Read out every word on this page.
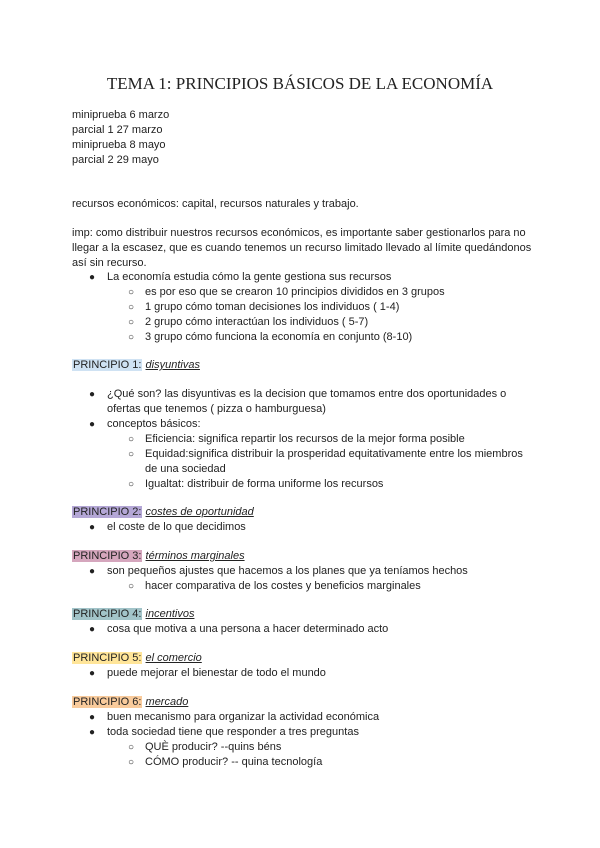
TEMA 1: PRINCIPIOS BÁSICOS DE LA ECONOMÍA
miniprueba 6 marzo
parcial 1 27 marzo
miniprueba 8 mayo
parcial 2 29 mayo
recursos económicos: capital, recursos naturales y trabajo.
imp: como distribuir nuestros recursos económicos, es importante saber gestionarlos para no llegar a la escasez, que es cuando tenemos un recurso limitado llevado al límite quedándonos así sin recurso.
● La economía estudia cómo la gente gestiona sus recursos
○ es por eso que se crearon 10 principios divididos en 3 grupos
○ 1 grupo cómo toman decisiones los individuos ( 1-4)
○ 2 grupo cómo interactúan los individuos ( 5-7)
○ 3 grupo cómo funciona la economía en conjunto (8-10)
PRINCIPIO 1: disyuntivas
● ¿Qué son? las disyuntivas es la decision que tomamos entre dos oportunidades o ofertas que tenemos ( pizza o hamburguesa)
● conceptos básicos:
○ Eficiencia: significa repartir los recursos de la mejor forma posible
○ Equidad:significa distribuir la prosperidad equitativamente entre los miembros de una sociedad
○ Igualtat: distribuir de forma uniforme los recursos
PRINCIPIO 2: costes de oportunidad
● el coste de lo que decidimos
PRINCIPIO 3: términos marginales
● son pequeños ajustes que hacemos a los planes que ya teníamos hechos
○ hacer comparativa de los costes y beneficios marginales
PRINCIPIO 4: incentivos
● cosa que motiva a una persona a hacer determinado acto
PRINCIPIO 5: el comercio
● puede mejorar el bienestar de todo el mundo
PRINCIPIO 6: mercado
● buen mecanismo para organizar la actividad económica
● toda sociedad tiene que responder a tres preguntas
○ QUÈ producir? --quins béns
○ CÓMO producir? -- quina tecnología
